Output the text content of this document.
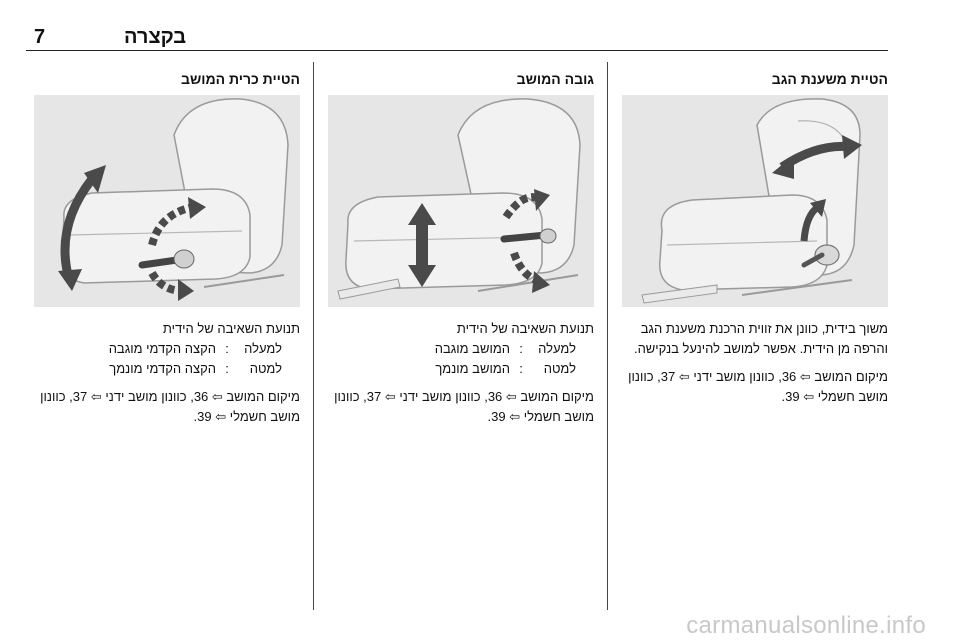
7	בקצרה
הטיית משענת הגב

משוך בידית, כוונן את זווית הרכנת משענת הגב והרפה מן הידית. אפשר למושב להינעל בנקישה.

מיקום המושב ⇦ 36, כוונון מושב ידני ⇦ 37, כוונון מושב חשמלי ⇦ 39.

גובה המושב

תנועת השאיבה של הידית

למעלה
:
המושב מוגבה
למטה
:
המושב מונמך

מיקום המושב ⇦ 36, כוונון מושב ידני ⇦ 37, כוונון מושב חשמלי ⇦ 39.

הטיית כרית המושב

תנועת השאיבה של הידית

למעלה
:
הקצה הקדמי מוגבה
למטה
:
הקצה הקדמי מונמך

מיקום המושב ⇦ 36, כוונון מושב ידני ⇦ 37, כוונון מושב חשמלי ⇦ 39.

carmanualsonline.info
